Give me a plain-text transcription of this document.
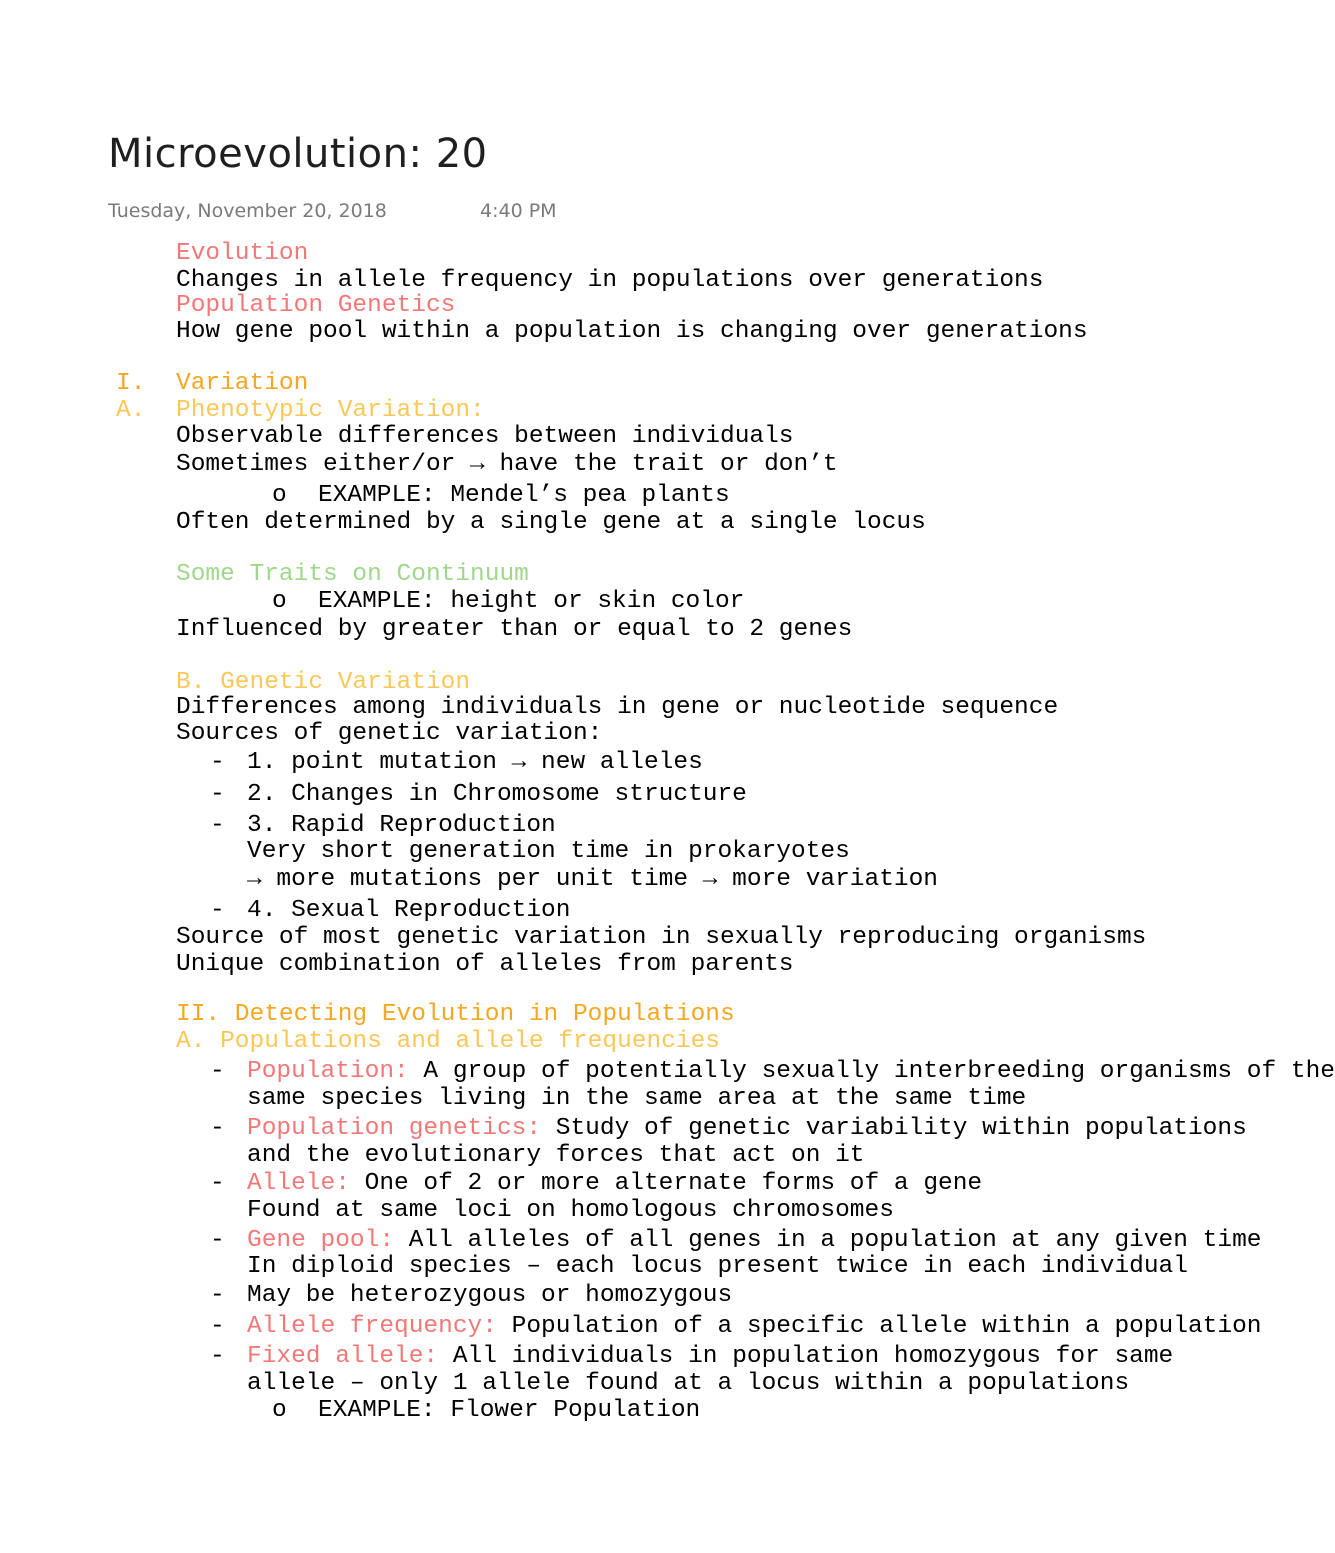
Microevolution: 20
Tuesday, November 20, 2018	4:40 PM
Evolution
Changes in allele frequency in populations over generations
Population Genetics
How gene pool within a population is changing over generations
I. Variation
A. Phenotypic Variation:
Observable differences between individuals
Sometimes either/or → have the trait or don’t
o EXAMPLE: Mendel’s pea plants
Often determined by a single gene at a single locus
Some Traits on Continuum
o EXAMPLE: height or skin color
Influenced by greater than or equal to 2 genes
B. Genetic Variation
Differences among individuals in gene or nucleotide sequence
Sources of genetic variation:
- 1. point mutation → new alleles
- 2. Changes in Chromosome structure
- 3. Rapid Reproduction
Very short generation time in prokaryotes
→ more mutations per unit time → more variation
- 4. Sexual Reproduction
Source of most genetic variation in sexually reproducing organisms
Unique combination of alleles from parents
II. Detecting Evolution in Populations
A. Populations and allele frequencies
- Population: A group of potentially sexually interbreeding organisms of the
same species living in the same area at the same time
- Population genetics: Study of genetic variability within populations
and the evolutionary forces that act on it
- Allele: One of 2 or more alternate forms of a gene
Found at same loci on homologous chromosomes
- Gene pool: All alleles of all genes in a population at any given time
In diploid species – each locus present twice in each individual
- May be heterozygous or homozygous
- Allele frequency: Population of a specific allele within a population
- Fixed allele: All individuals in population homozygous for same
allele – only 1 allele found at a locus within a populations
o EXAMPLE: Flower Population
